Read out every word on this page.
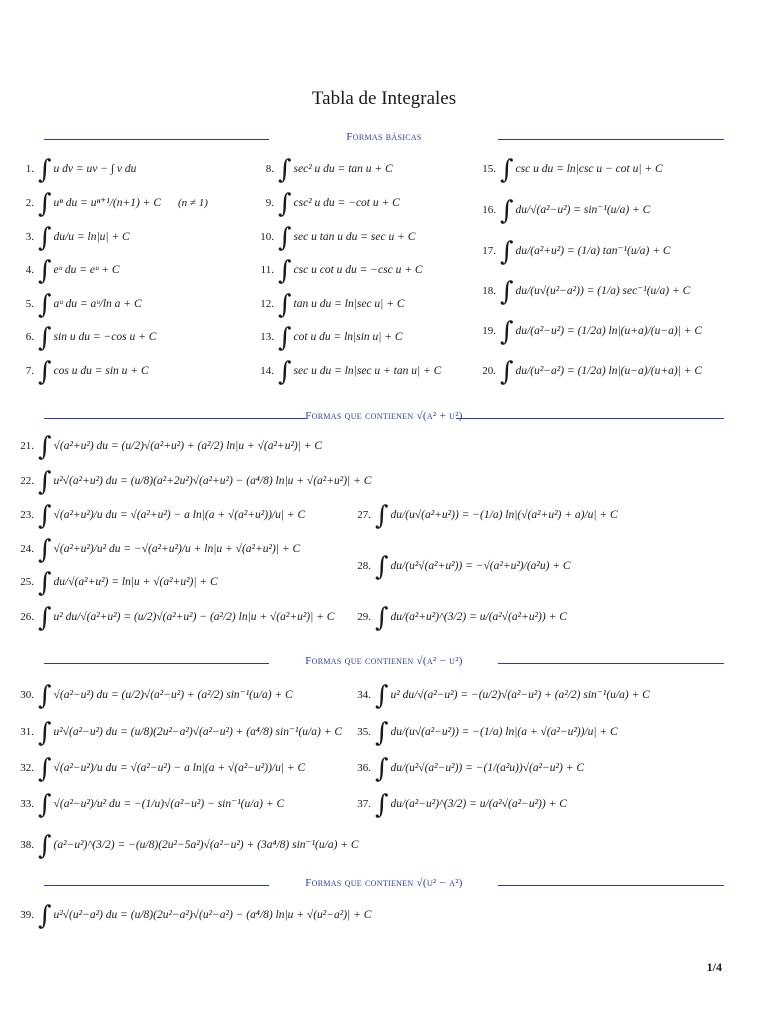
Tabla de Integrales
Formas básicas
1. ∫ u dv = uv − ∫ v du
2. ∫ uⁿ du = uⁿ⁺¹/(n+1) + C (n ≠ 1)
3. ∫ du/u = ln|u| + C
4. ∫ eᵘ du = eᵘ + C
5. ∫ aᵘ du = aᵘ/ln a + C
6. ∫ sin u du = −cos u + C
7. ∫ cos u du = sin u + C
8. ∫ sec² u du = tan u + C
9. ∫ csc² u du = −cot u + C
10. ∫ sec u tan u du = sec u + C
11. ∫ csc u cot u du = −csc u + C
12. ∫ tan u du = ln|sec u| + C
13. ∫ cot u du = ln|sin u| + C
14. ∫ sec u du = ln|sec u + tan u| + C
15. ∫ csc u du = ln|csc u − cot u| + C
16. ∫ du/√(a²−u²) = sin⁻¹(u/a) + C
17. ∫ du/(a²+u²) = (1/a) tan⁻¹(u/a) + C
18. ∫ du/(u√(u²−a²)) = (1/a) sec⁻¹(u/a) + C
19. ∫ du/(a²−u²) = (1/2a) ln|(u+a)/(u−a)| + C
20. ∫ du/(u²−a²) = (1/2a) ln|(u−a)/(u+a)| + C
Formas que contienen √(a² + u²)
21. ∫ √(a²+u²) du = (u/2)√(a²+u²) + (a²/2) ln|u + √(a²+u²)| + C
22. ∫ u²√(a²+u²) du = (u/8)(a²+2u²)√(a²+u²) − (a⁴/8) ln|u + √(a²+u²)| + C
23. ∫ √(a²+u²)/u du = √(a²+u²) − a ln|(a + √(a²+u²))/u| + C
24. ∫ √(a²+u²)/u² du = −√(a²+u²)/u + ln|u + √(a²+u²)| + C
25. ∫ du/√(a²+u²) = ln|u + √(a²+u²)| + C
26. ∫ u² du/√(a²+u²) = (u/2)√(a²+u²) − (a²/2) ln|u + √(a²+u²)| + C
27. ∫ du/(u√(a²+u²)) = −(1/a) ln|(√(a²+u²) + a)/u| + C
28. ∫ du/(u²√(a²+u²)) = −√(a²+u²)/(a²u) + C
29. ∫ du/(a²+u²)^(3/2) = u/(a²√(a²+u²)) + C
Formas que contienen √(a² − u²)
30. ∫ √(a²−u²) du = (u/2)√(a²−u²) + (a²/2) sin⁻¹(u/a) + C
31. ∫ u²√(a²−u²) du = (u/8)(2u²−a²)√(a²−u²) + (a⁴/8) sin⁻¹(u/a) + C
32. ∫ √(a²−u²)/u du = √(a²−u²) − a ln|(a + √(a²−u²))/u| + C
33. ∫ √(a²−u²)/u² du = −(1/u)√(a²−u²) − sin⁻¹(u/a) + C
38. ∫ (a²−u²)^(3/2) = −(u/8)(2u²−5a²)√(a²−u²) + (3a⁴/8) sin⁻¹(u/a) + C
34. ∫ u² du/√(a²−u²) = −(u/2)√(a²−u²) + (a²/2) sin⁻¹(u/a) + C
35. ∫ du/(u√(a²−u²)) = −(1/a) ln|(a + √(a²−u²))/u| + C
36. ∫ du/(u²√(a²−u²)) = −(1/(a²u))√(a²−u²) + C
37. ∫ du/(a²−u²)^(3/2) = u/(a²√(a²−u²)) + C
Formas que contienen √(u² − a²)
39. ∫ u²√(u²−a²) du = (u/8)(2u²−a²)√(u²−a²) − (a⁴/8) ln|u + √(u²−a²)| + C
1/4
